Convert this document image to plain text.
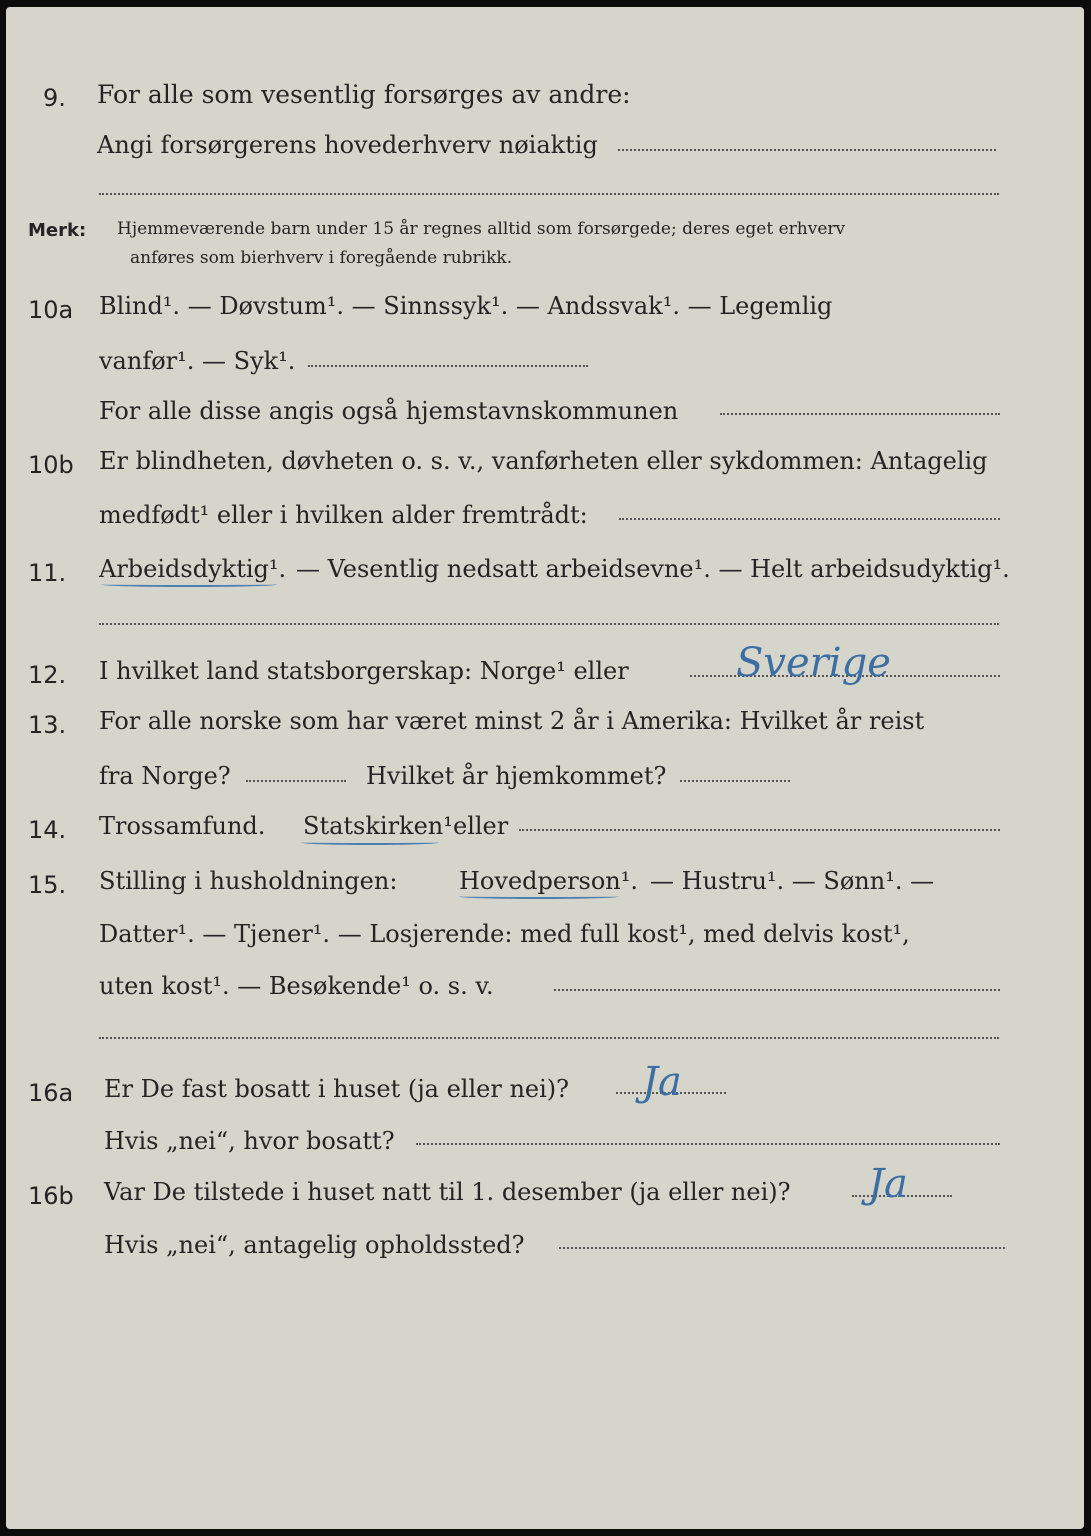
9. For alle som vesentlig forsørges av andre:
Angi forsørgerens hovederhverv nøiaktig
Merk: Hjemmeværende barn under 15 år regnes alltid som forsørgede; deres eget erhverv
anføres som bierhverv i foregående rubrikk.
10a Blind¹. — Døvstum¹. — Sinnssyk¹. — Andssvak¹. — Legemlig
vanfør¹. — Syk¹.
For alle disse angis også hjemstavnskommunen
10b Er blindheten, døvheten o. s. v., vanførheten eller sykdommen: Antagelig
medfødt¹ eller i hvilken alder fremtrådt:
11. Arbeidsdyktig¹. — Vesentlig nedsatt arbeidsevne¹. — Helt arbeidsudyktig¹.
12. I hvilket land statsborgerskap: Norge¹ eller	Sverige
13. For alle norske som har været minst 2 år i Amerika: Hvilket år reist
fra Norge?	Hvilket år hjemkommet?
14. Trossamfund. Statskirken¹ eller
15. Stilling i husholdningen:	Hovedperson¹. — Hustru¹. — Sønn¹. —
Datter¹. — Tjener¹. — Losjerende: med full kost¹, med delvis kost¹,
uten kost¹. — Besøkende¹ o. s. v.
16a Er De fast bosatt i huset (ja eller nei)? Ja
Hvis „nei“, hvor bosatt?
16b Var De tilstede i huset natt til 1. desember (ja eller nei)? Ja
Hvis „nei“, antagelig opholdssted?
